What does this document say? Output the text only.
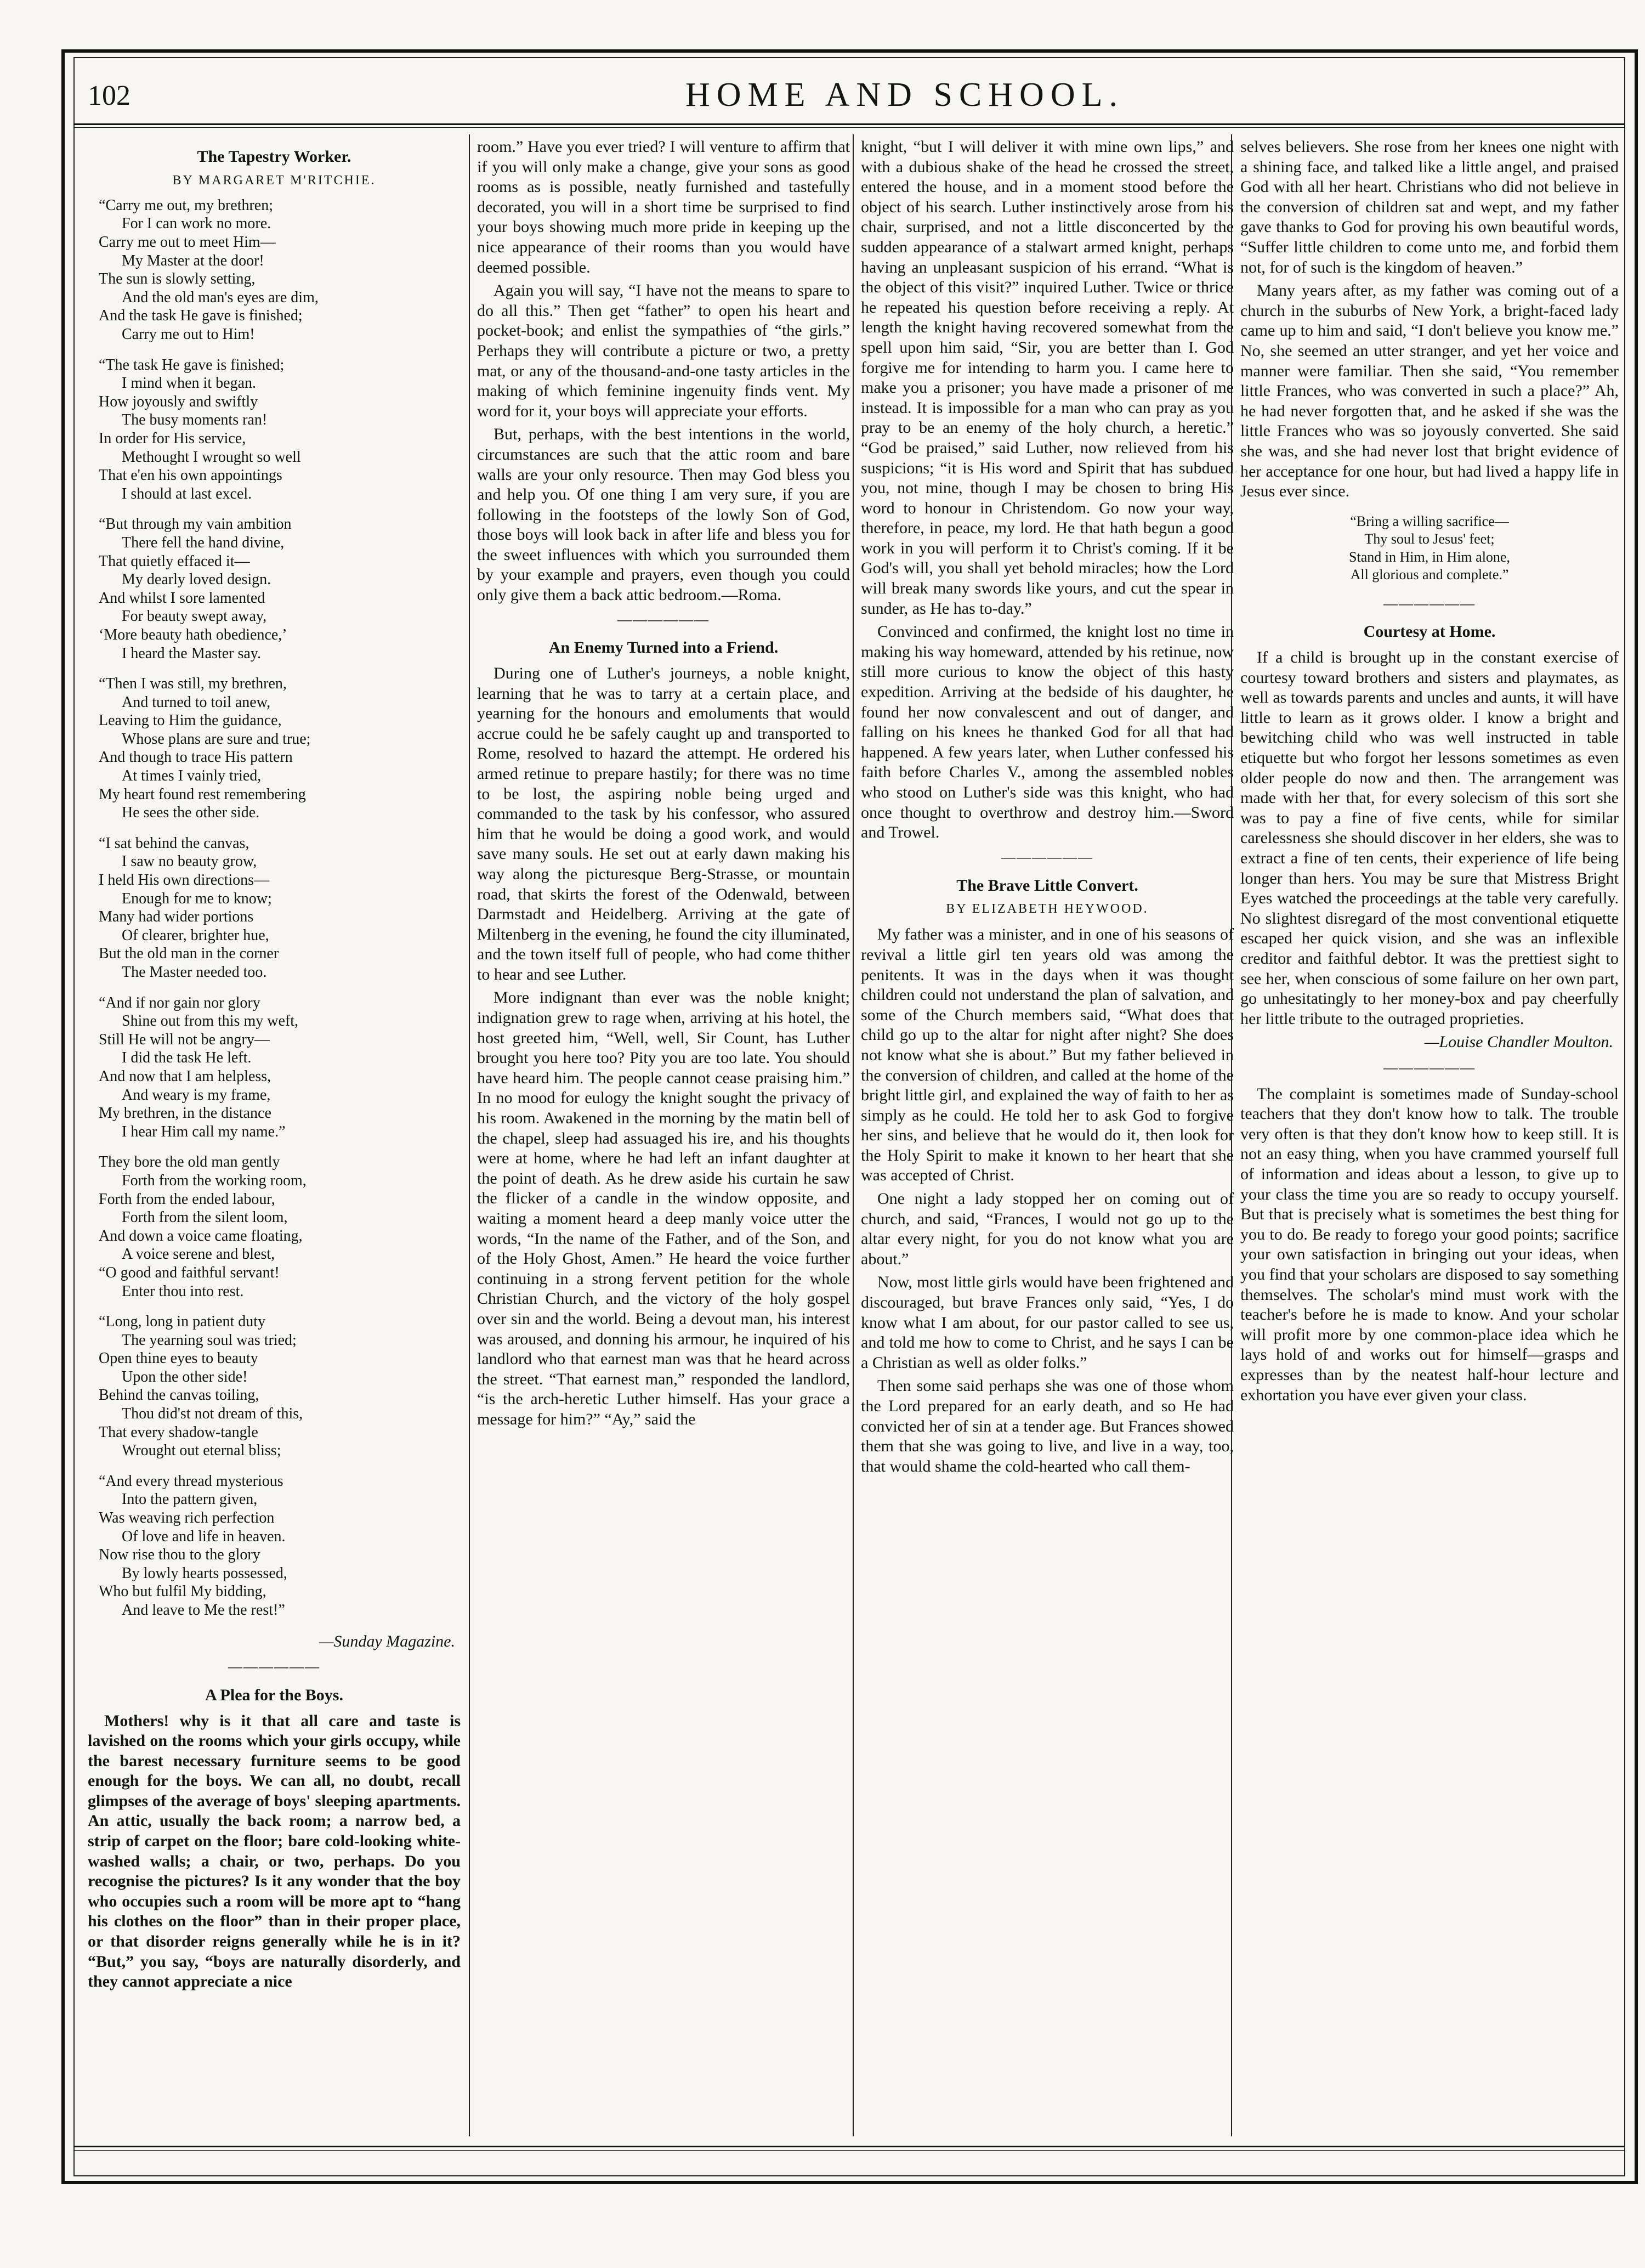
102	HOME AND SCHOOL.
The Tapestry Worker.
BY MARGARET M'RITCHIE.
“Carry me out, my brethren;
For I can work no more.
Carry me out to meet Him—
My Master at the door!
The sun is slowly setting,
And the old man's eyes are dim,
And the task He gave is finished;
Carry me out to Him!
“The task He gave is finished;
I mind when it began.
How joyously and swiftly
The busy moments ran!
In order for His service,
Methought I wrought so well
That e'en his own appointings
I should at last excel.
“But through my vain ambition
There fell the hand divine,
That quietly effaced it—
My dearly loved design.
And whilst I sore lamented
For beauty swept away,
‘More beauty hath obedience,’
I heard the Master say.
“Then I was still, my brethren,
And turned to toil anew,
Leaving to Him the guidance,
Whose plans are sure and true;
And though to trace His pattern
At times I vainly tried,
My heart found rest remembering
He sees the other side.
“I sat behind the canvas,
I saw no beauty grow,
I held His own directions—
Enough for me to know;
Many had wider portions
Of clearer, brighter hue,
But the old man in the corner
The Master needed too.
“And if nor gain nor glory
Shine out from this my weft,
Still He will not be angry—
I did the task He left.
And now that I am helpless,
And weary is my frame,
My brethren, in the distance
I hear Him call my name.”
They bore the old man gently
Forth from the working room,
Forth from the ended labour,
Forth from the silent loom,
And down a voice came floating,
A voice serene and blest,
“O good and faithful servant!
Enter thou into rest.
“Long, long in patient duty
The yearning soul was tried;
Open thine eyes to beauty
Upon the other side!
Behind the canvas toiling,
Thou did'st not dream of this,
That every shadow-tangle
Wrought out eternal bliss;
“And every thread mysterious
Into the pattern given,
Was weaving rich perfection
Of love and life in heaven.
Now rise thou to the glory
By lowly hearts possessed,
Who but fulfil My bidding,
And leave to Me the rest!”
—Sunday Magazine.
——— ———
A Plea for the Boys.

Mothers! why is it that all care and taste is lavished on the rooms which your girls occupy, while the barest necessary furniture seems to be good enough for the boys. We can all, no doubt, recall glimpses of the average of boys' sleeping apartments. An attic, usually the back room; a narrow bed, a strip of carpet on the floor; bare cold-looking white-washed walls; a chair, or two, perhaps. Do you recognise the pictures? Is it any wonder that the boy who occupies such a room will be more apt to “hang his clothes on the floor” than in their proper place, or that disorder reigns generally while he is in it? “But,” you say, “boys are naturally disorderly, and they cannot appreciate a nice

room.” Have you ever tried? I will venture to affirm that if you will only make a change, give your sons as good rooms as is possible, neatly furnished and tastefully decorated, you will in a short time be surprised to find your boys showing much more pride in keeping up the nice appearance of their rooms than you would have deemed possible.

Again you will say, “I have not the means to spare to do all this.” Then get “father” to open his heart and pocket-book; and enlist the sympathies of “the girls.” Perhaps they will contribute a picture or two, a pretty mat, or any of the thousand-and-one tasty articles in the making of which feminine ingenuity finds vent. My word for it, your boys will appreciate your efforts.

But, perhaps, with the best intentions in the world, circumstances are such that the attic room and bare walls are your only resource. Then may God bless you and help you. Of one thing I am very sure, if you are following in the footsteps of the lowly Son of God, those boys will look back in after life and bless you for the sweet influences with which you surrounded them by your example and prayers, even though you could only give them a back attic bedroom.—Roma.

——— ———
An Enemy Turned into a Friend.

During one of Luther's journeys, a noble knight, learning that he was to tarry at a certain place, and yearning for the honours and emoluments that would accrue could he be safely caught up and transported to Rome, resolved to hazard the attempt. He ordered his armed retinue to prepare hastily; for there was no time to be lost, the aspiring noble being urged and commanded to the task by his confessor, who assured him that he would be doing a good work, and would save many souls. He set out at early dawn making his way along the picturesque Berg-Strasse, or mountain road, that skirts the forest of the Odenwald, between Darmstadt and Heidelberg. Arriving at the gate of Miltenberg in the evening, he found the city illuminated, and the town itself full of people, who had come thither to hear and see Luther.

More indignant than ever was the noble knight; indignation grew to rage when, arriving at his hotel, the host greeted him, “Well, well, Sir Count, has Luther brought you here too? Pity you are too late. You should have heard him. The people cannot cease praising him.” In no mood for eulogy the knight sought the privacy of his room. Awakened in the morning by the matin bell of the chapel, sleep had assuaged his ire, and his thoughts were at home, where he had left an infant daughter at the point of death. As he drew aside his curtain he saw the flicker of a candle in the window opposite, and waiting a moment heard a deep manly voice utter the words, “In the name of the Father, and of the Son, and of the Holy Ghost, Amen.” He heard the voice further continuing in a strong fervent petition for the whole Christian Church, and the victory of the holy gospel over sin and the world. Being a devout man, his interest was aroused, and donning his armour, he inquired of his landlord who that earnest man was that he heard across the street. “That earnest man,” responded the landlord, “is the arch-heretic Luther himself. Has your grace a message for him?” “Ay,” said the

knight, “but I will deliver it with mine own lips,” and with a dubious shake of the head he crossed the street, entered the house, and in a moment stood before the object of his search. Luther instinctively arose from his chair, surprised, and not a little disconcerted by the sudden appearance of a stalwart armed knight, perhaps having an unpleasant suspicion of his errand. “What is the object of this visit?” inquired Luther. Twice or thrice he repeated his question before receiving a reply. At length the knight having recovered somewhat from the spell upon him said, “Sir, you are better than I. God forgive me for intending to harm you. I came here to make you a prisoner; you have made a prisoner of me instead. It is impossible for a man who can pray as you pray to be an enemy of the holy church, a heretic.” “God be praised,” said Luther, now relieved from his suspicions; “it is His word and Spirit that has subdued you, not mine, though I may be chosen to bring His word to honour in Christendom. Go now your way, therefore, in peace, my lord. He that hath begun a good work in you will perform it to Christ's coming. If it be God's will, you shall yet behold miracles; how the Lord will break many swords like yours, and cut the spear in sunder, as He has to-day.”

Convinced and confirmed, the knight lost no time in making his way homeward, attended by his retinue, now still more curious to know the object of this hasty expedition. Arriving at the bedside of his daughter, he found her now convalescent and out of danger, and falling on his knees he thanked God for all that had happened. A few years later, when Luther confessed his faith before Charles V., among the assembled nobles who stood on Luther's side was this knight, who had once thought to overthrow and destroy him.—Sword and Trowel.

——— ———
The Brave Little Convert.
BY ELIZABETH HEYWOOD.

My father was a minister, and in one of his seasons of revival a little girl ten years old was among the penitents. It was in the days when it was thought children could not understand the plan of salvation, and some of the Church members said, “What does that child go up to the altar for night after night? She does not know what she is about.” But my father believed in the conversion of children, and called at the home of the bright little girl, and explained the way of faith to her as simply as he could. He told her to ask God to forgive her sins, and believe that he would do it, then look for the Holy Spirit to make it known to her heart that she was accepted of Christ.

One night a lady stopped her on coming out of church, and said, “Frances, I would not go up to the altar every night, for you do not know what you are about.”

Now, most little girls would have been frightened and discouraged, but brave Frances only said, “Yes, I do know what I am about, for our pastor called to see us, and told me how to come to Christ, and he says I can be a Christian as well as older folks.”

Then some said perhaps she was one of those whom the Lord prepared for an early death, and so He had convicted her of sin at a tender age. But Frances showed them that she was going to live, and live in a way, too, that would shame the cold-hearted who call them-

selves believers. She rose from her knees one night with a shining face, and talked like a little angel, and praised God with all her heart. Christians who did not believe in the conversion of children sat and wept, and my father gave thanks to God for proving his own beautiful words, “Suffer little children to come unto me, and forbid them not, for of such is the kingdom of heaven.”

Many years after, as my father was coming out of a church in the suburbs of New York, a bright-faced lady came up to him and said, “I don't believe you know me.” No, she seemed an utter stranger, and yet her voice and manner were familiar. Then she said, “You remember little Frances, who was converted in such a place?” Ah, he had never forgotten that, and he asked if she was the little Frances who was so joyously converted. She said she was, and she had never lost that bright evidence of her acceptance for one hour, but had lived a happy life in Jesus ever since.

“Bring a willing sacrifice—
Thy soul to Jesus' feet;
Stand in Him, in Him alone,
All glorious and complete.”
——— ———
Courtesy at Home.

If a child is brought up in the constant exercise of courtesy toward brothers and sisters and playmates, as well as towards parents and uncles and aunts, it will have little to learn as it grows older. I know a bright and bewitching child who was well instructed in table etiquette but who forgot her lessons sometimes as even older people do now and then. The arrangement was made with her that, for every solecism of this sort she was to pay a fine of five cents, while for similar carelessness she should discover in her elders, she was to extract a fine of ten cents, their experience of life being longer than hers. You may be sure that Mistress Bright Eyes watched the proceedings at the table very carefully. No slightest disregard of the most conventional etiquette escaped her quick vision, and she was an inflexible creditor and faithful debtor. It was the prettiest sight to see her, when conscious of some failure on her own part, go unhesitatingly to her money-box and pay cheerfully her little tribute to the outraged proprieties.

—Louise Chandler Moulton.
——— ———

The complaint is sometimes made of Sunday-school teachers that they don't know how to talk. The trouble very often is that they don't know how to keep still. It is not an easy thing, when you have crammed yourself full of information and ideas about a lesson, to give up to your class the time you are so ready to occupy yourself. But that is precisely what is sometimes the best thing for you to do. Be ready to forego your good points; sacrifice your own satisfaction in bringing out your ideas, when you find that your scholars are disposed to say something themselves. The scholar's mind must work with the teacher's before he is made to know. And your scholar will profit more by one common-place idea which he lays hold of and works out for himself—grasps and expresses than by the neatest half-hour lecture and exhortation you have ever given your class.
